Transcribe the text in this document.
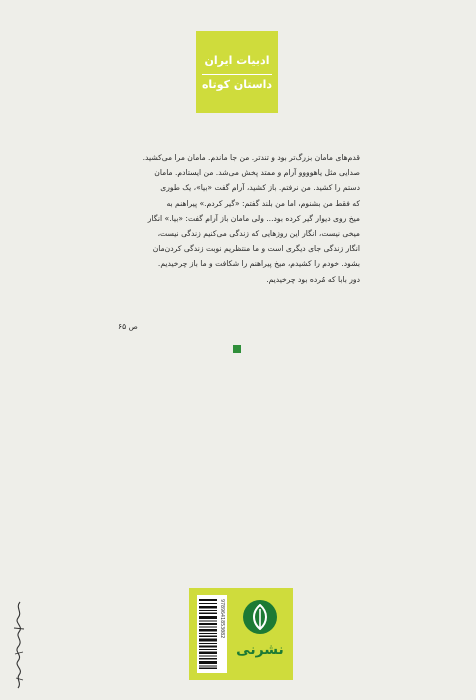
ادبیات ایران
داستان کوتاه

قدم‌های مامان بزرگ‌تر بود و تندتر. من جا ماندم. مامان مرا می‌کشید.

صدایی مثل یاهوووو آرام و ممتد پخش می‌شد. من ایستادم. مامان

دستم را کشید. من نرفتم. باز کشید، آرام گفت «بیا»، یک طوری

که فقط من بشنوم، اما من بلند گفتم: «گیر کردم.» پیراهنم به

میخ روی دیوار گیر کرده بود... ولی مامان باز آرام گفت: «بیا.» انگار

میخی نیست، انگار این روزهایی که زندگی می‌کنیم زندگی نیست،

انگار زندگی جای دیگری است و ما منتظریم نوبت زندگی کردن‌مان

بشود. خودم را کشیدم، میخ پیراهنم را شکافت و ما باز چرخیدیم.

دور بابا که مُرده بود چرخیدیم.

ص ۶۵
9789641853082
نشرنی
